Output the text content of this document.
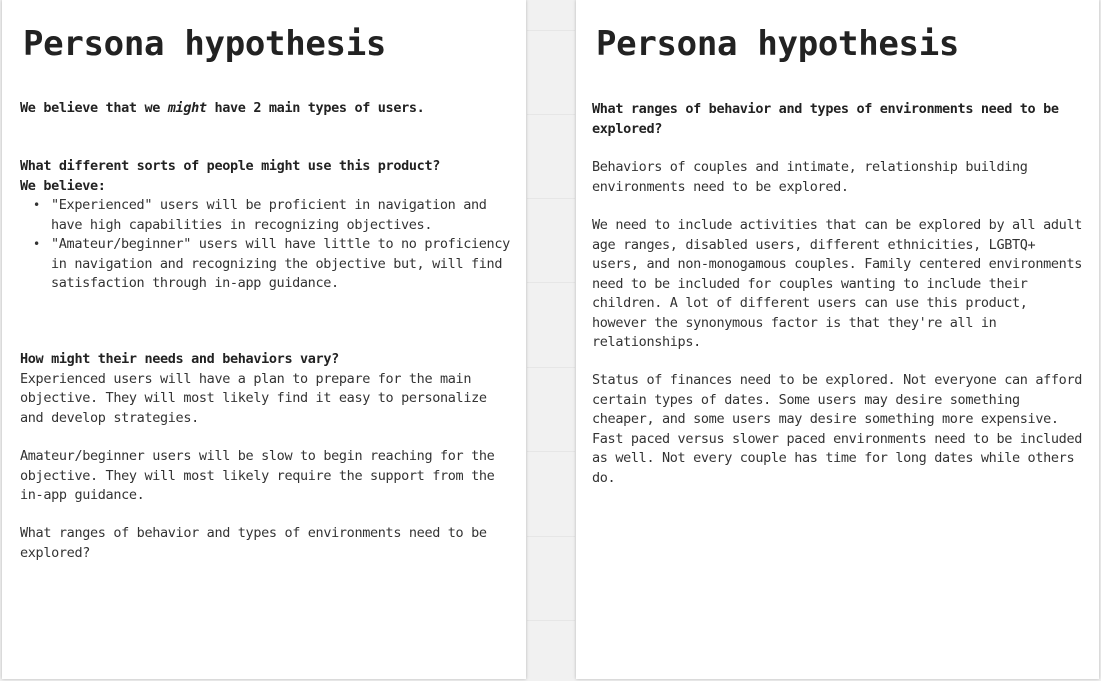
Persona hypothesis

We believe that we might have 2 main types of users.

What different sorts of people might use this product?
We believe:
• "Experienced" users will be proficient in navigation and have high capabilities in recognizing objectives.
• "Amateur/beginner" users will have little to no proficiency in navigation and recognizing the objective but, will find satisfaction through in-app guidance.
How might their needs and behaviors vary?
Experienced users will have a plan to prepare for the main objective. They will most likely find it easy to personalize and develop strategies.

Amateur/beginner users will be slow to begin reaching for the objective. They will most likely require the support from the in-app guidance.

What ranges of behavior and types of environments need to be explored?

Persona hypothesis

What ranges of behavior and types of environments need to be explored?

Behaviors of couples and intimate, relationship building environments need to be explored.

We need to include activities that can be explored by all adult age ranges, disabled users, different ethnicities, LGBTQ+ users, and non-monogamous couples. Family centered environments need to be included for couples wanting to include their children. A lot of different users can use this product, however the synonymous factor is that they're all in relationships.

Status of finances need to be explored. Not everyone can afford certain types of dates. Some users may desire something cheaper, and some users may desire something more expensive. Fast paced versus slower paced environments need to be included as well. Not every couple has time for long dates while others do.
